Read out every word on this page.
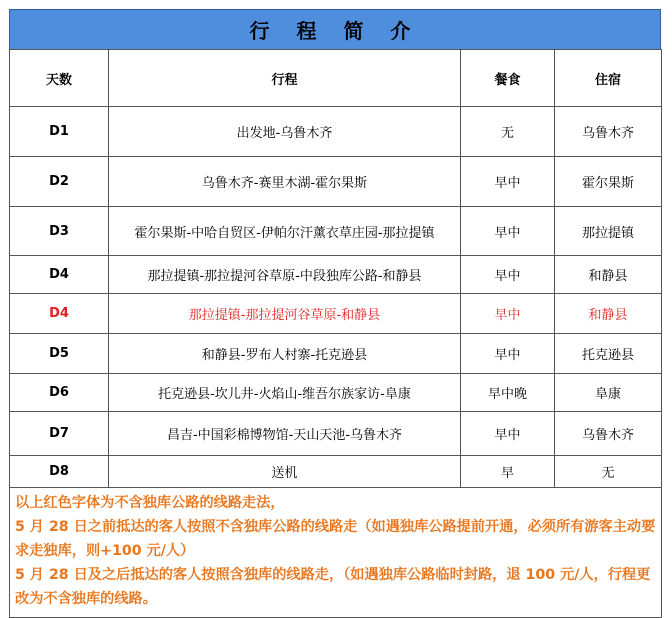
行 程 简 介
天数	行程	餐食	住宿
D1	出发地-乌鲁木齐	无	乌鲁木齐
D2	乌鲁木齐-赛里木湖-霍尔果斯	早中	霍尔果斯
D3	霍尔果斯-中哈自贸区-伊帕尔汗薰衣草庄园-那拉提镇	早中	那拉提镇
D4	那拉提镇-那拉提河谷草原-中段独库公路-和静县	早中	和静县
D4	那拉提镇-那拉提河谷草原-和静县	早中	和静县
D5	和静县-罗布人村寨-托克逊县	早中	托克逊县
D6	托克逊县-坎儿井-火焰山-维吾尔族家访-阜康	早中晚	阜康
D7	昌吉-中国彩棉博物馆-天山天池-乌鲁木齐	早中	乌鲁木齐
D8	送机	早	无

以上红色字体为不含独库公路的线路走法，
5 月 28 日之前抵达的客人按照不含独库公路的线路走（如遇独库公路提前开通，必须所有游客主动要求走独库，则+100 元/人）
5 月 28 日及之后抵达的客人按照含独库的线路走，（如遇独库公路临时封路，退 100 元/人，行程更改为不含独库的线路。			
